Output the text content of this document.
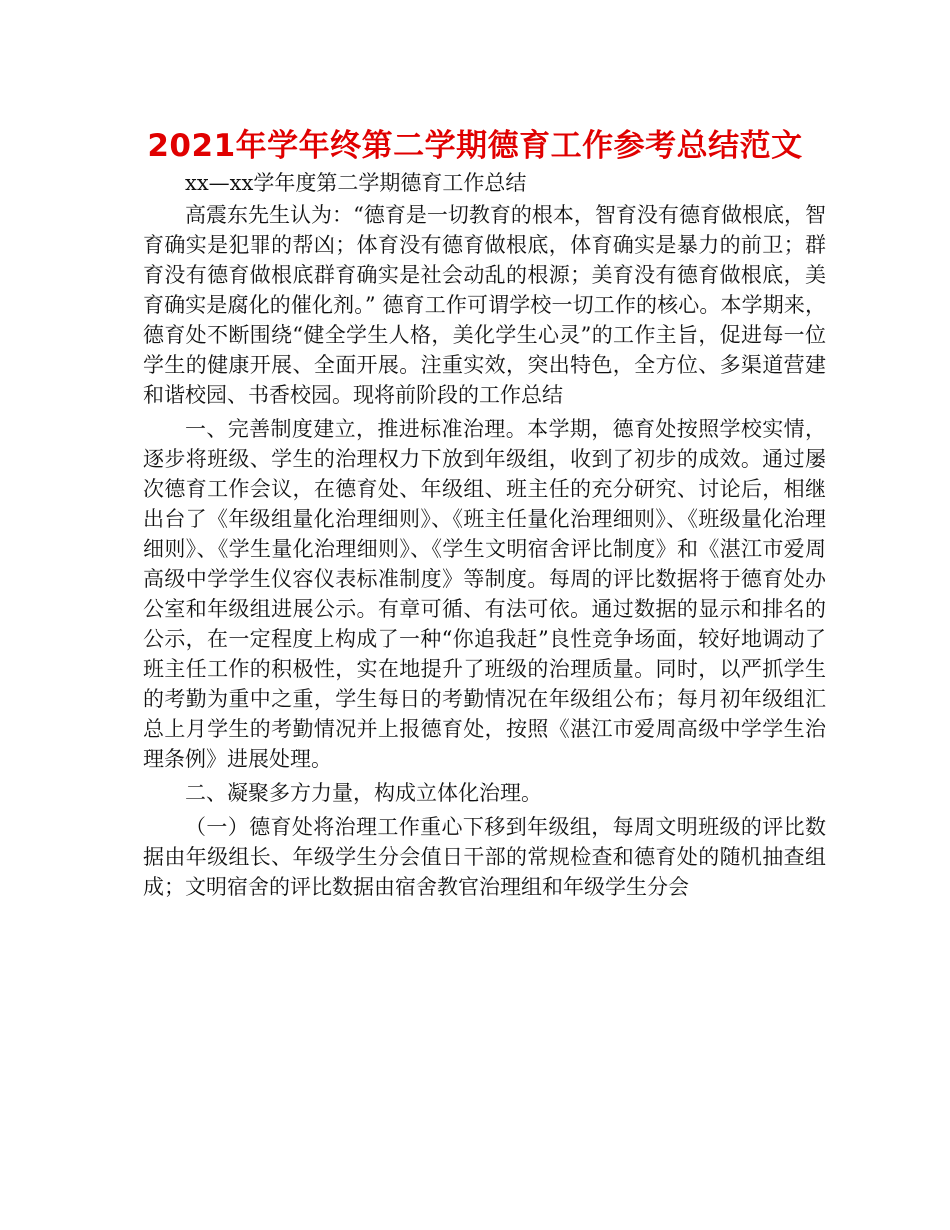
2021年学年终第二学期德育工作参考总结范文

xx—xx学年度第二学期德育工作总结

高震东先生认为：“德育是一切教育的根本，智育没有德育做根底，智育确实是犯罪的帮凶；体育没有德育做根底，体育确实是暴力的前卫；群育没有德育做根底群育确实是社会动乱的根源；美育没有德育做根底，美育确实是腐化的催化剂。” 德育工作可谓学校一切工作的核心。本学期来，德育处不断围绕“健全学生人格，美化学生心灵”的工作主旨，促进每一位学生的健康开展、全面开展。注重实效，突出特色，全方位、多渠道营建和谐校园、书香校园。现将前阶段的工作总结

一、完善制度建立，推进标准治理。本学期，德育处按照学校实情，逐步将班级、学生的治理权力下放到年级组，收到了初步的成效。通过屡次德育工作会议，在德育处、年级组、班主任的充分研究、讨论后，相继出台了《年级组量化治理细则》、《班主任量化治理细则》、《班级量化治理细则》、《学生量化治理细则》、《学生文明宿舍评比制度》和《湛江市爱周高级中学学生仪容仪表标准制度》等制度。每周的评比数据将于德育处办公室和年级组进展公示。有章可循、有法可依。通过数据的显示和排名的公示，在一定程度上构成了一种“你追我赶”良性竞争场面，较好地调动了班主任工作的积极性，实在地提升了班级的治理质量。同时，以严抓学生的考勤为重中之重，学生每日的考勤情况在年级组公布；每月初年级组汇总上月学生的考勤情况并上报德育处，按照《湛江市爱周高级中学学生治理条例》进展处理。

二、凝聚多方力量，构成立体化治理。

（一）德育处将治理工作重心下移到年级组，每周文明班级的评比数据由年级组长、年级学生分会值日干部的常规检查和德育处的随机抽查组成；文明宿舍的评比数据由宿舍教官治理组和年级学生分会
